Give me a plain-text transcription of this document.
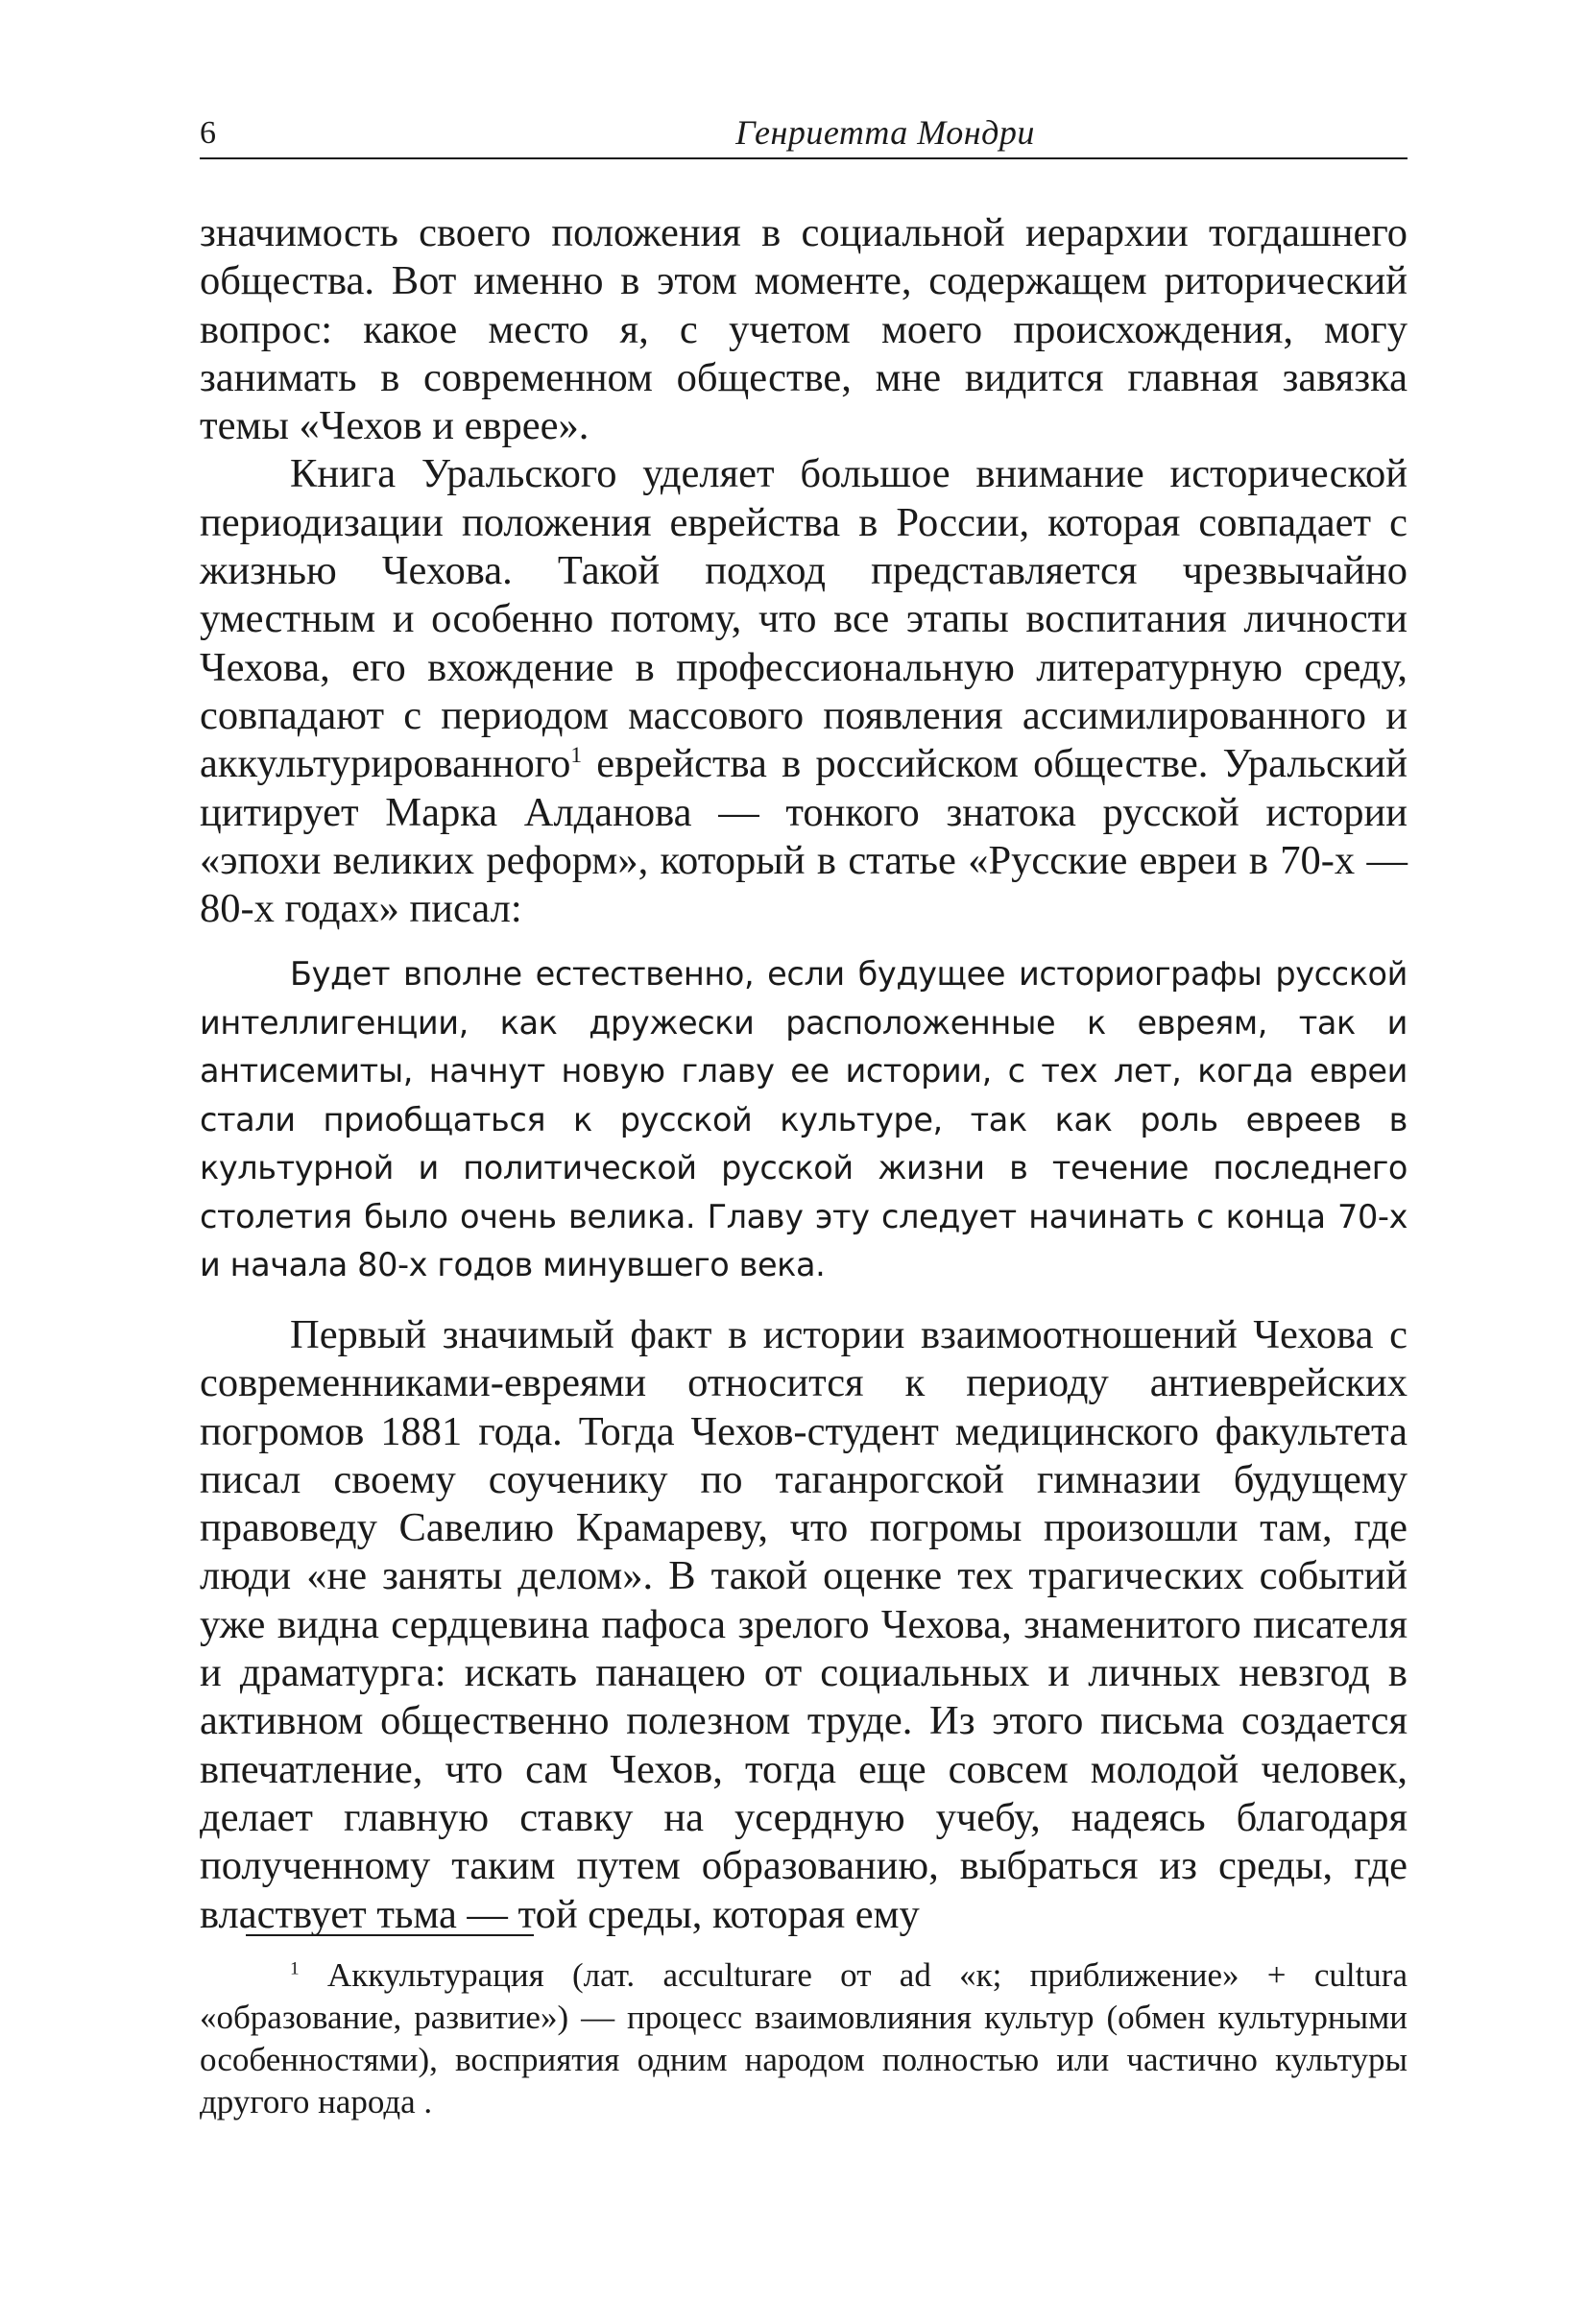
6	Генриетта Мондри

значимость своего положения в социальной иерархии тогдашнего общества. Вот именно в этом моменте, содержащем риторический вопрос: какое место я, с учетом моего происхождения, могу занимать в современном обществе, мне видится главная завязка темы «Чехов и еврее».

Книга Уральского уделяет большое внимание исторической периодизации положения еврейства в России, которая совпадает с жизнью Чехова. Такой подход представляется чрезвычайно уместным и особенно потому, что все этапы воспитания личности Чехова, его вхождение в профессиональную литературную среду, совпадают с периодом массового появления ассимилированного и аккультурированного$^1$ еврейства в российском обществе. Уральский цитирует Марка Алданова — тонкого знатока русской истории «эпохи великих реформ», который в статье «Русские евреи в 70-х — 80-х годах» писал:

Будет вполне естественно, если будущее историографы русской интеллигенции, как дружески расположенные к евреям, так и антисемиты, начнут новую главу ее истории, с тех лет, когда евреи стали приобщаться к русской культуре, так как роль евреев в культурной и политической русской жизни в течение последнего столетия было очень велика. Главу эту следует начинать с конца 70-х и начала 80-х годов минувшего века.

Первый значимый факт в истории взаимоотношений Чехова с современниками-евреями относится к периоду антиеврейских погромов 1881 года. Тогда Чехов-студент медицинского факультета писал своему соученику по таганрогской гимназии будущему правоведу Савелию Крамареву, что погромы произошли там, где люди «не заняты делом». В такой оценке тех трагических событий уже видна сердцевина пафоса зрелого Чехова, знаменитого писателя и драматурга: искать панацею от социальных и личных невзгод в активном общественно полезном труде. Из этого письма создается впечатление, что сам Чехов, тогда еще совсем молодой человек, делает главную ставку на усердную учебу, надеясь благодаря полученному таким путем образованию, выбраться из среды, где властвует тьма — той среды, которая ему

$^1$ Аккультурация (лат. acculturare от ad «к; приближение» + cultura «образование, развитие») — процесс взаимовлияния культур (обмен культурными особенностями), восприятия одним народом полностью или частично культуры другого народа .
